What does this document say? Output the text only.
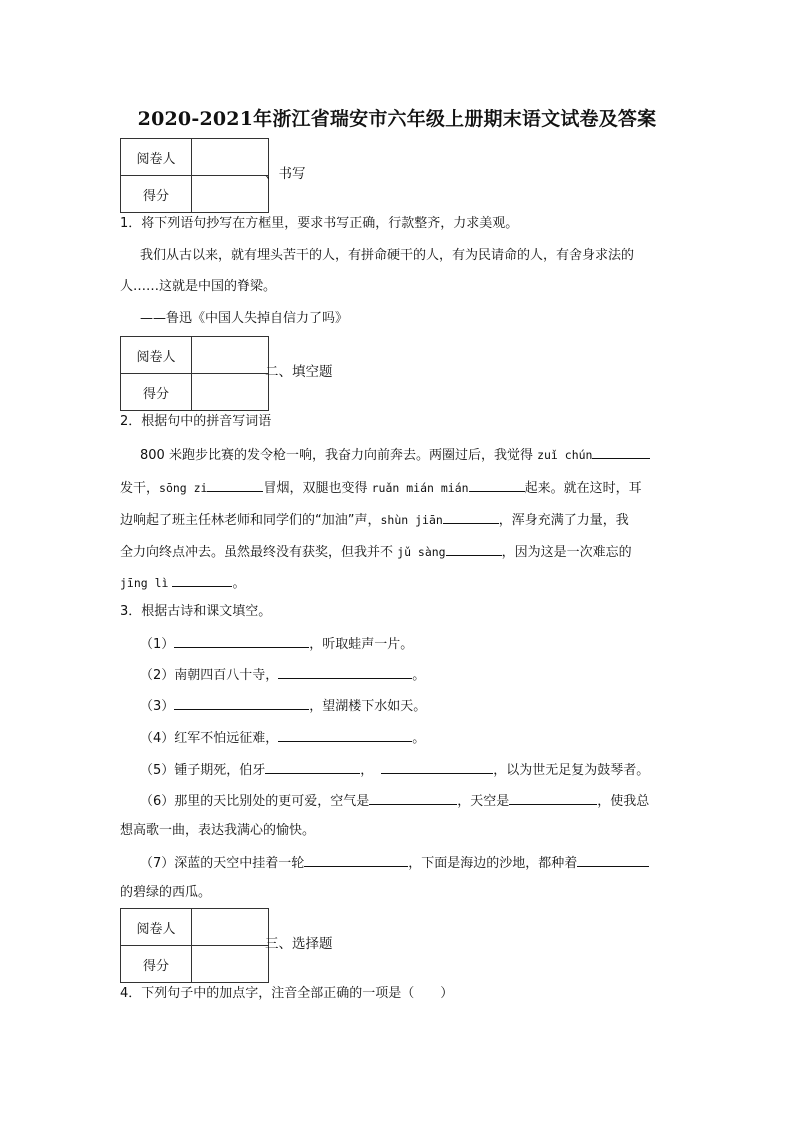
2020-2021年浙江省瑞安市六年级上册期末语文试卷及答案
阅卷人	
得分	
、书写
1．将下列语句抄写在方框里，要求书写正确，行款整齐，力求美观。
我们从古以来，就有埋头苦干的人，有拼命硬干的人，有为民请命的人，有舍身求法的
人……这就是中国的脊梁。
——鲁迅《中国人失掉自信力了吗》
阅卷人	
得分	
二、填空题
2．根据句中的拼音写词语
800 米跑步比赛的发令枪一响，我奋力向前奔去。两圈过后，我觉得 zuǐ chún
发干，sōng zi	冒烟，双腿也变得 ruǎn mián mián	起来。就在这时，耳
边响起了班主任林老师和同学们的“加油”声，shùn jiān	，浑身充满了力量，我
全力向终点冲去。虽然最终没有获奖，但我并不 jǔ sàng	，因为这是一次难忘的
jīng lì	。
3．根据古诗和课文填空。
（1）	，听取蛙声一片。
（2）南朝四百八十寺，	。
（3）	，望湖楼下水如天。
（4）红军不怕远征难，	。
（5）锺子期死，伯牙	，	，以为世无足复为鼓琴者。
（6）那里的天比别处的更可爱，空气是	，天空是	，使我总
想高歌一曲，表达我满心的愉快。
（7）深蓝的天空中挂着一轮	，下面是海边的沙地，都种着
的碧绿的西瓜。
阅卷人	
得分	
三、选择题
4．下列句子中的加点字，注音全部正确的一项是（　　）
